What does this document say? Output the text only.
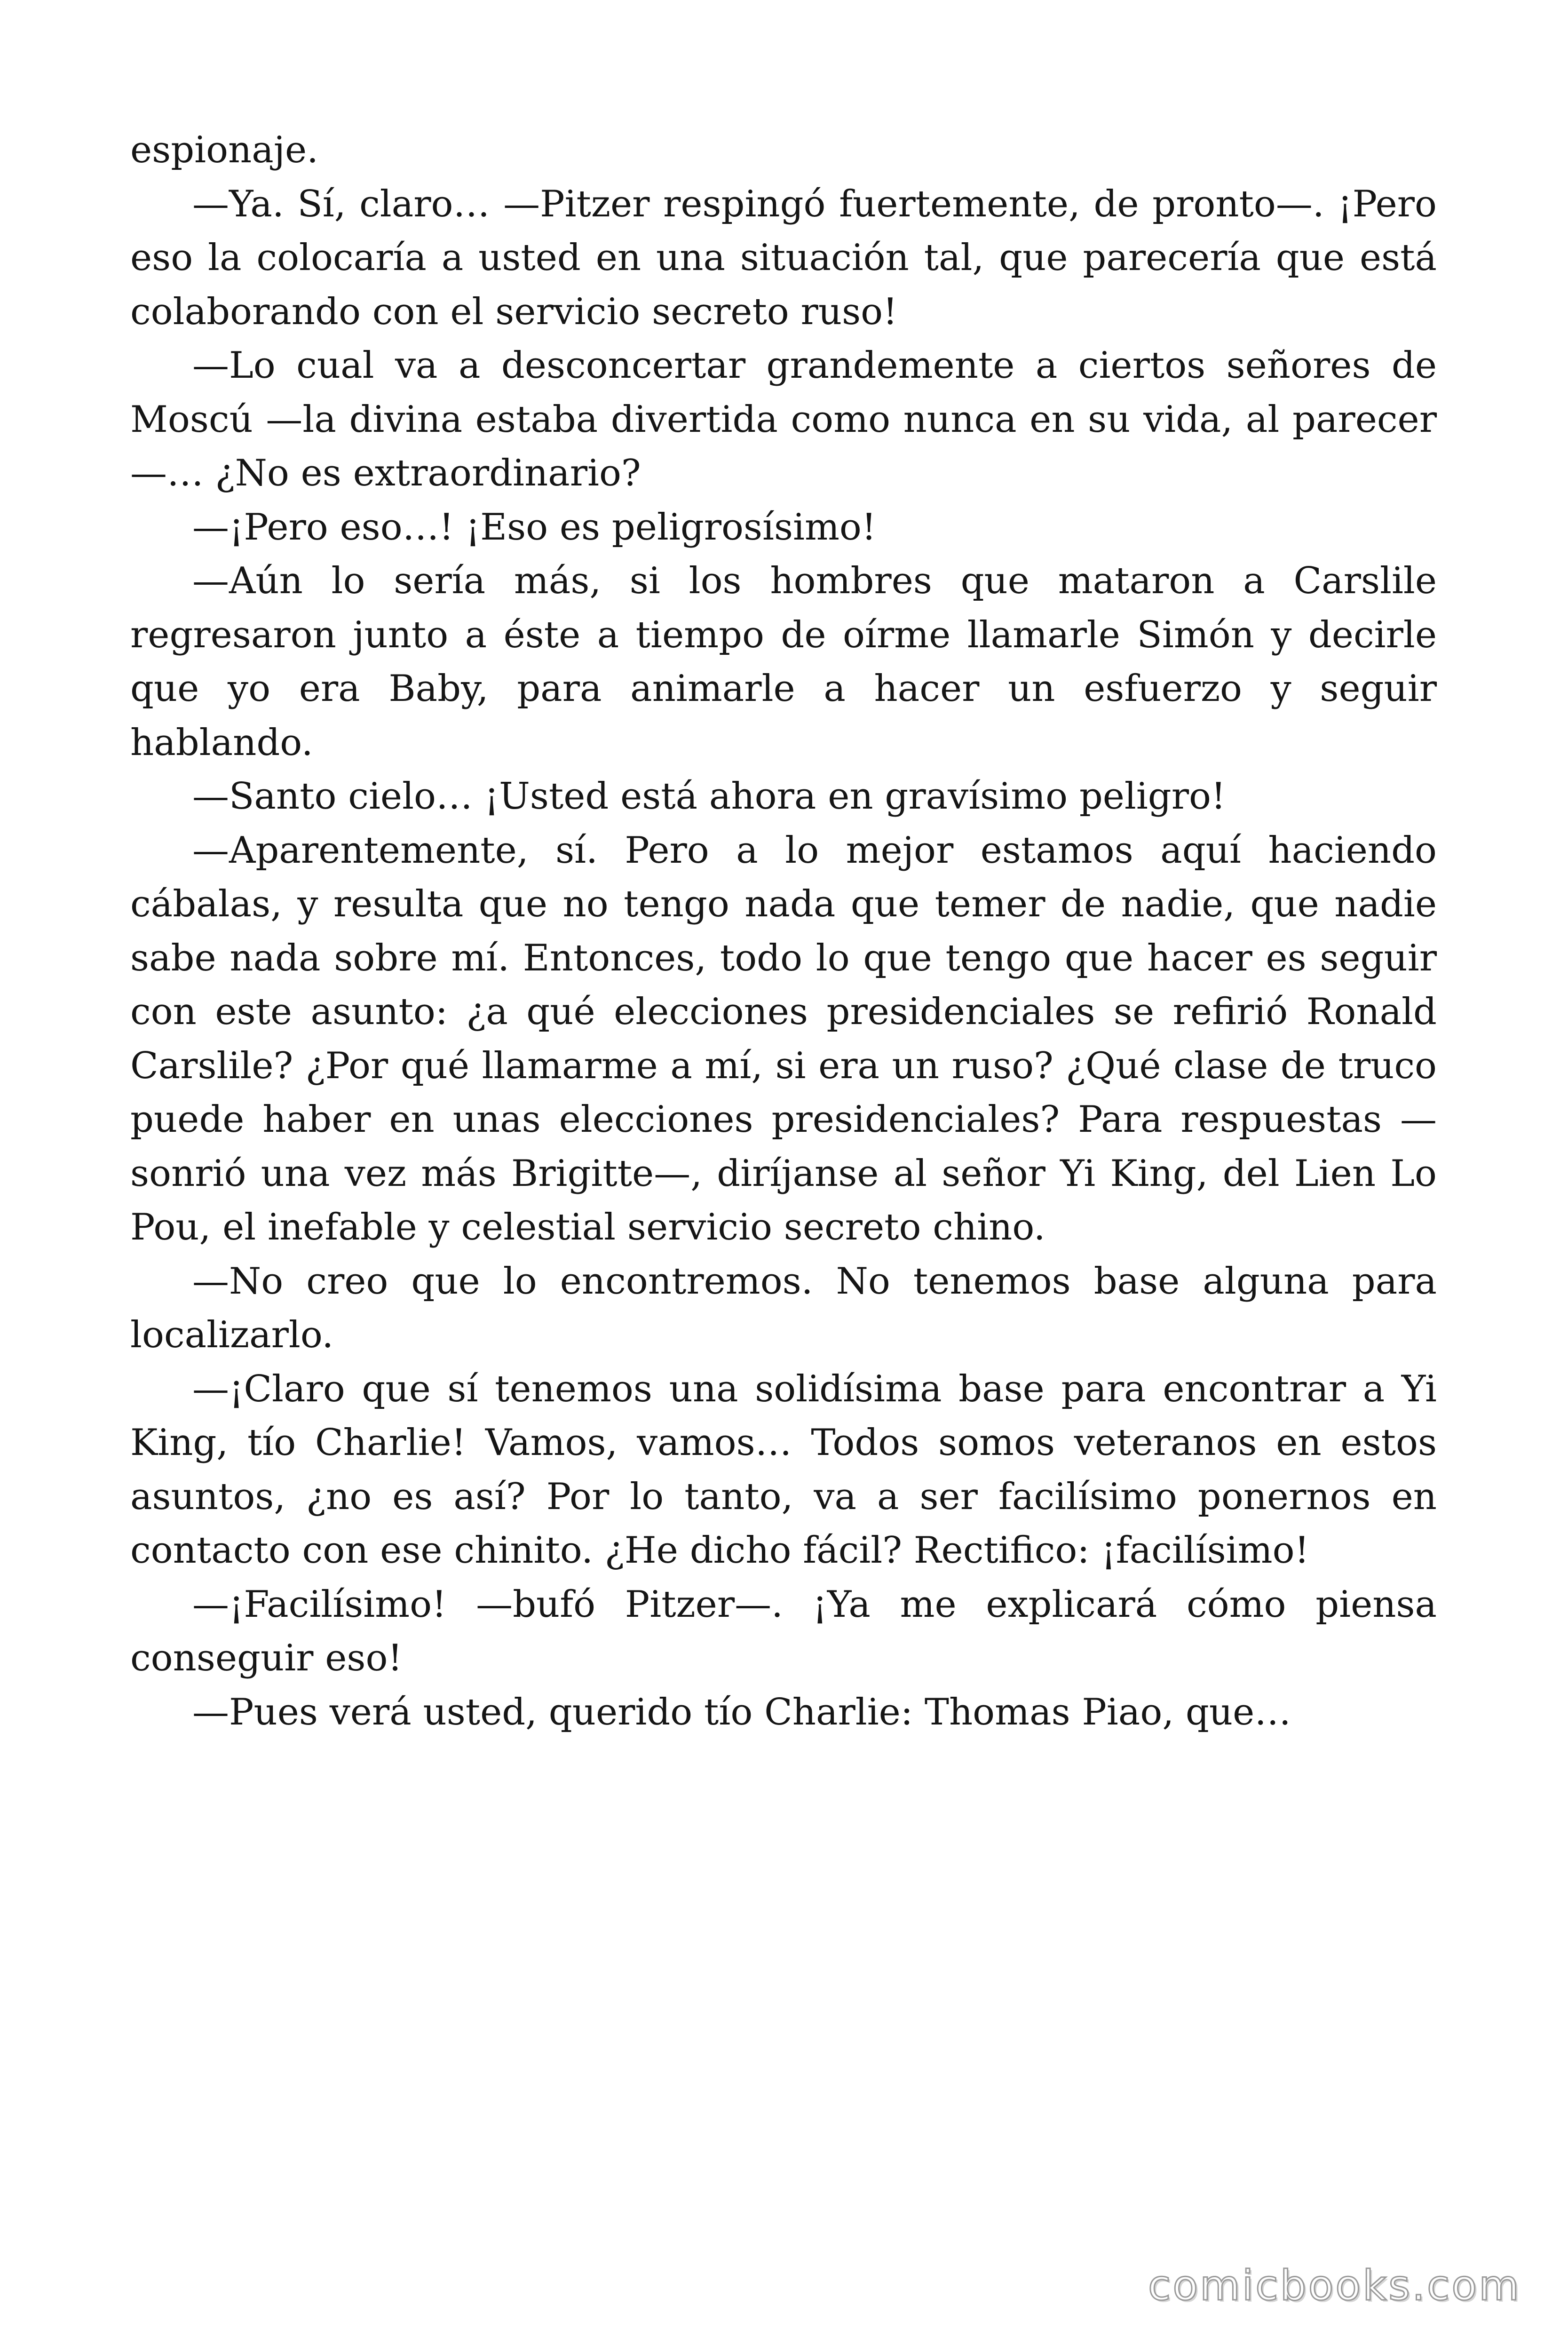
espionaje.

—Ya. Sí, claro… —Pitzer respingó fuertemente, de pronto—. ¡Pero eso la colocaría a usted en una situación tal, que parecería que está colaborando con el servicio secreto ruso!

—Lo cual va a desconcertar grandemente a ciertos señores de Moscú —la divina estaba divertida como nunca en su vida, al parecer—… ¿No es extraordinario?

—¡Pero eso…! ¡Eso es peligrosísimo!

—Aún lo sería más, si los hombres que mataron a Carslile regresaron junto a éste a tiempo de oírme llamarle Simón y decirle que yo era Baby, para animarle a hacer un esfuerzo y seguir hablando.

—Santo cielo… ¡Usted está ahora en gravísimo peligro!

—Aparentemente, sí. Pero a lo mejor estamos aquí haciendo cábalas, y resulta que no tengo nada que temer de nadie, que nadie sabe nada sobre mí. Entonces, todo lo que tengo que hacer es seguir con este asunto: ¿a qué elecciones presidenciales se refirió Ronald Carslile? ¿Por qué llamarme a mí, si era un ruso? ¿Qué clase de truco puede haber en unas elecciones presidenciales? Para respuestas —sonrió una vez más Brigitte—, diríjanse al señor Yi King, del Lien Lo Pou, el inefable y celestial servicio secreto chino.

—No creo que lo encontremos. No tenemos base alguna para localizarlo.

—¡Claro que sí tenemos una solidísima base para encontrar a Yi King, tío Charlie! Vamos, vamos… Todos somos veteranos en estos asuntos, ¿no es así? Por lo tanto, va a ser facilísimo ponernos en contacto con ese chinito. ¿He dicho fácil? Rectifico: ¡facilísimo!

—¡Facilísimo! —bufó Pitzer—. ¡Ya me explicará cómo piensa conseguir eso!

—Pues verá usted, querido tío Charlie: Thomas Piao, que…

comicbooks.com
